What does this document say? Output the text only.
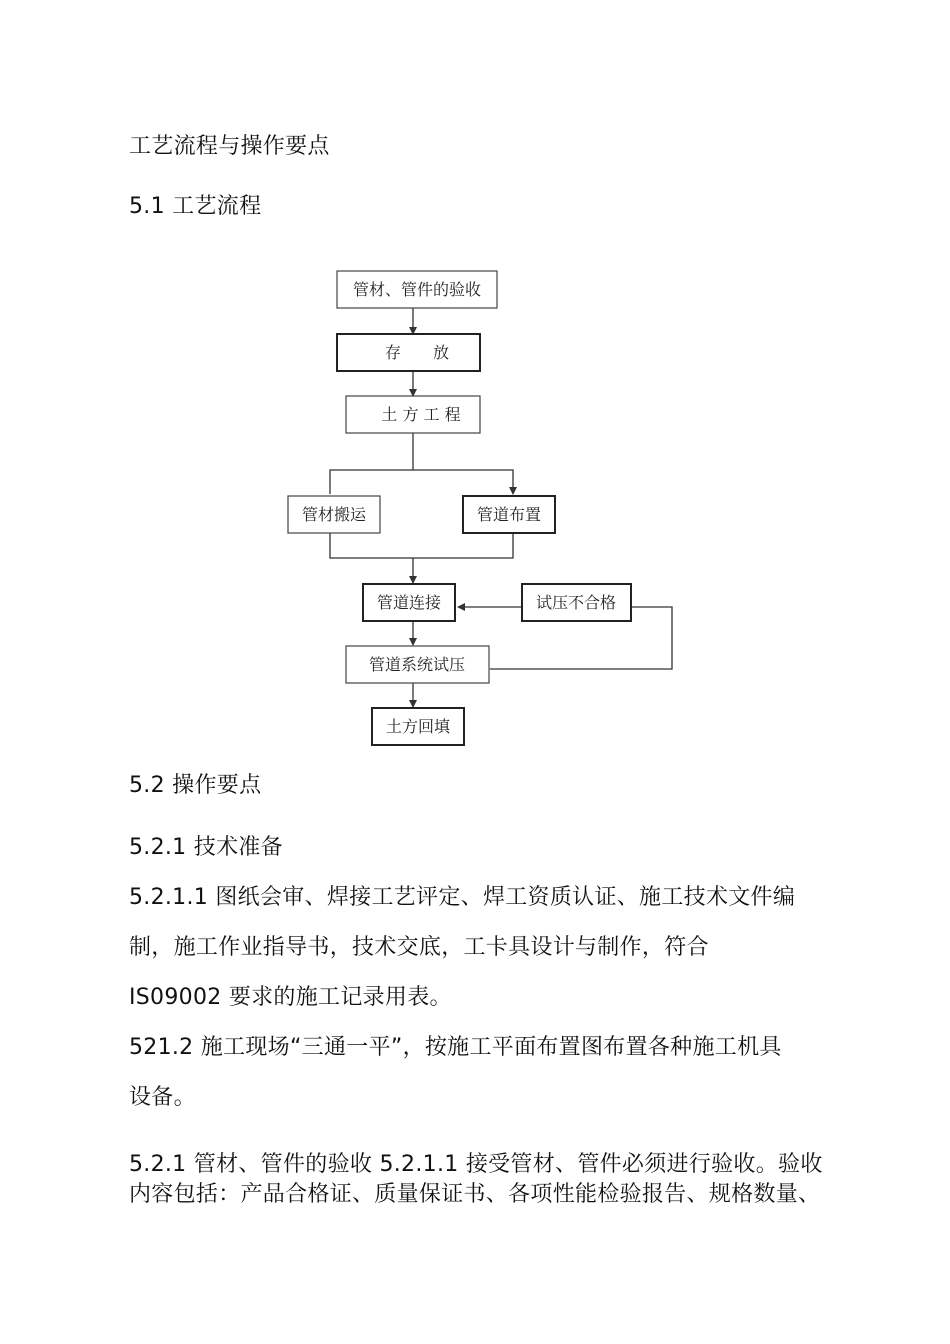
工艺流程与操作要点
5.1 工艺流程
管材、管件的验收
存　　放
土 方 工 程
管材搬运	管道布置
管道连接	试压不合格
管道系统试压
土方回填
5.2 操作要点
5.2.1 技术准备
5.2.1.1 图纸会审、焊接工艺评定、焊工资质认证、施工技术文件编
制，施工作业指导书，技术交底，工卡具设计与制作，符合
IS09002 要求的施工记录用表。
521.2 施工现场“三通一平”，按施工平面布置图布置各种施工机具
设备。
5.2.1 管材、管件的验收 5.2.1.1 接受管材、管件必须进行验收。验收
内容包括：产品合格证、质量保证书、各项性能检验报告、规格数量、
